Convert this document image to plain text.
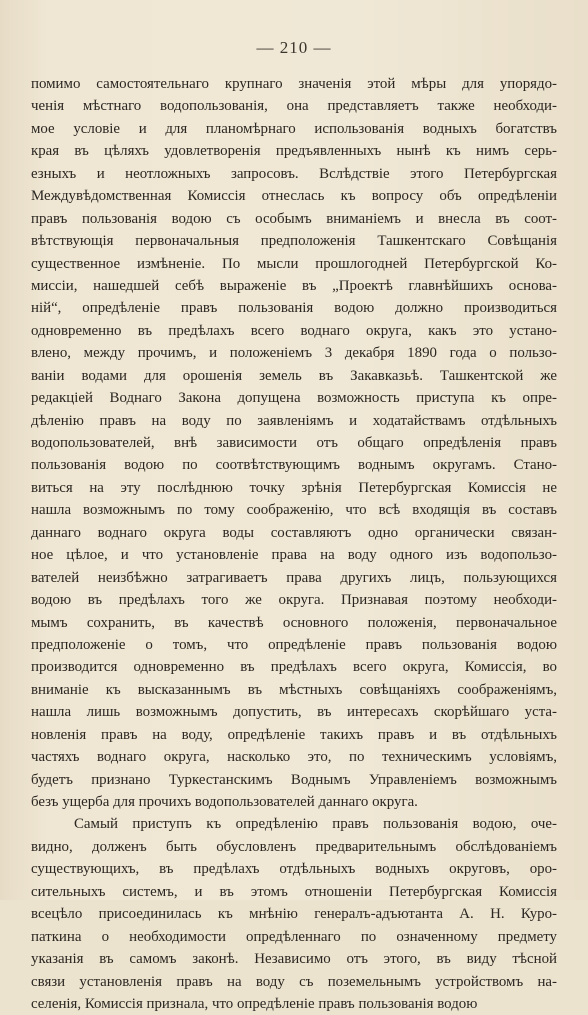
— 210 —
помимо самостоятельнаго крупнаго значенія этой мѣры для упорядо-
ченія мѣстнаго водопользованія, она представляетъ также необходи-
мое условіе и для планомѣрнаго использованія водныхъ богатствъ
края въ цѣляхъ удовлетворенія предъявленныхъ нынѣ къ нимъ серь-
езныхъ и неотложныхъ запросовъ. Вслѣдствіе этого Петербургская
Междувѣдомственная Комиссія отнеслась къ вопросу объ опредѣленіи
правъ пользованія водою съ особымъ вниманіемъ и внесла въ соот-
вѣтствующія первоначальныя предположенія Ташкентскаго Совѣщанія
существенное измѣненіе. По мысли прошлогодней Петербургской Ко-
миссіи, нашедшей себѣ выраженіе въ „Проектѣ главнѣйшихъ основа-
ній“, опредѣленіе правъ пользованія водою должно производиться
одновременно въ предѣлахъ всего воднаго округа, какъ это устано-
влено, между прочимъ, и положеніемъ 3 декабря 1890 года о пользо-
ваніи водами для орошенія земель въ Закавказьѣ. Ташкентской же
редакціей Воднаго Закона допущена возможность приступа къ опре-
дѣленію правъ на воду по заявленіямъ и ходатайствамъ отдѣльныхъ
водопользователей, внѣ зависимости отъ общаго опредѣленія правъ
пользованія водою по соотвѣтствующимъ воднымъ округамъ. Стано-
виться на эту послѣднюю точку зрѣнія Петербургская Комиссія не
нашла возможнымъ по тому соображенію, что всѣ входящія въ составъ
даннаго воднаго округа воды составляютъ одно органически связан-
ное цѣлое, и что установленіе права на воду одного изъ водопользо-
вателей неизбѣжно затрагиваетъ права другихъ лицъ, пользующихся
водою въ предѣлахъ того же округа. Признавая поэтому необходи-
мымъ сохранить, въ качествѣ основного положенія, первоначальное
предположеніе о томъ, что опредѣленіе правъ пользованія водою
производится одновременно въ предѣлахъ всего округа, Комиссія, во
вниманіе къ высказаннымъ въ мѣстныхъ совѣщаніяхъ соображеніямъ,
нашла лишь возможнымъ допустить, въ интересахъ скорѣйшаго уста-
новленія правъ на воду, опредѣленіе такихъ правъ и въ отдѣльныхъ
частяхъ воднаго округа, насколько это, по техническимъ условіямъ,
будетъ признано Туркестанскимъ Воднымъ Управленіемъ возможнымъ
безъ ущерба для прочихъ водопользователей даннаго округа.
Самый приступъ къ опредѣленію правъ пользованія водою, оче-
видно, долженъ быть обусловленъ предварительнымъ обслѣдованіемъ
существующихъ, въ предѣлахъ отдѣльныхъ водныхъ округовъ, оро-
сительныхъ системъ, и въ этомъ отношеніи Петербургская Комиссія
всецѣло присоединилась къ мнѣнію генералъ-адъютанта А. Н. Куро-
паткина о необходимости опредѣленнаго по означенному предмету
указанія въ самомъ законѣ. Независимо отъ этого, въ виду тѣсной
связи установленія правъ на воду съ поземельнымъ устройствомъ на-
селенія, Комиссія признала, что опредѣленіе правъ пользованія водою
